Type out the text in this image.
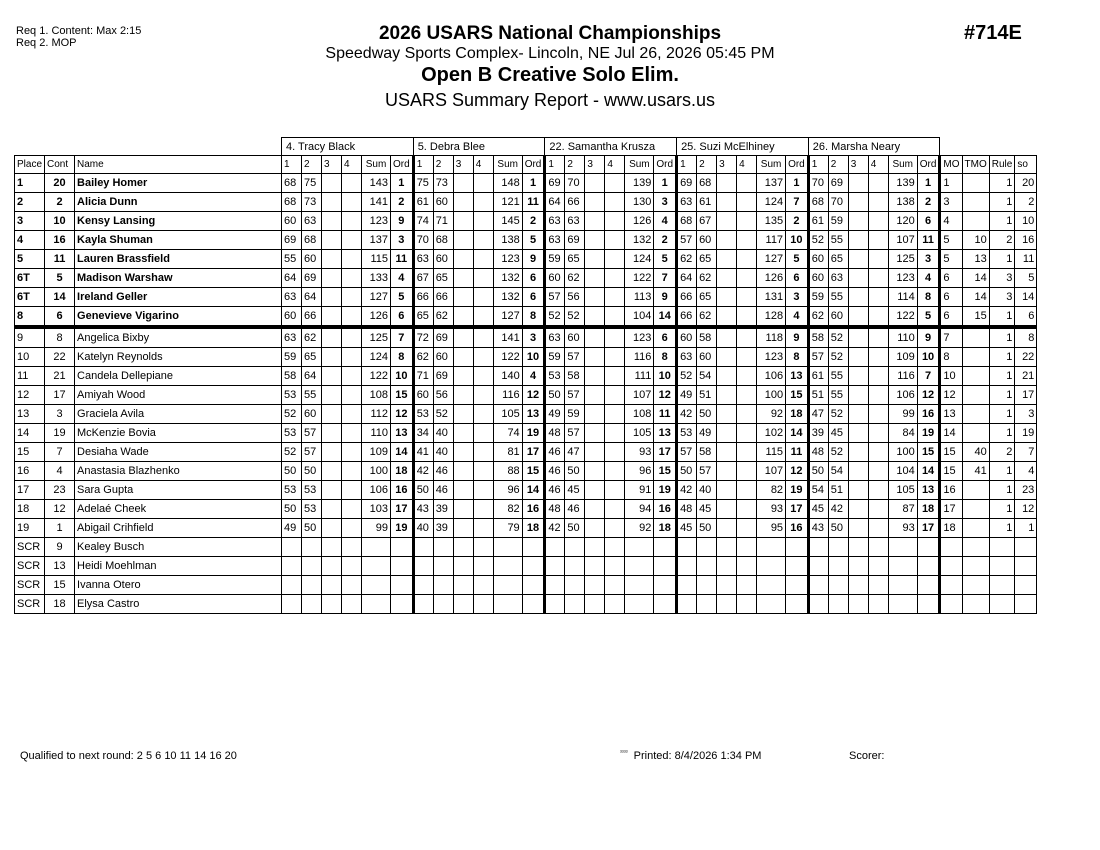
Req 1. Content: Max 2:15
Req 2. MOP	#714E
2026 USARS National Championships
Speedway Sports Complex- Lincoln, NE Jul 26, 2026 05:45 PM
Open B Creative Solo Elim.
USARS Summary Report - www.usars.us
			4. Tracy Black						5. Debra Blee						22. Samantha Krusza						25. Suzi McElhiney						26. Marsha Neary									
Place	Cont	Name	1	2	3	4	Sum	Ord	1	2	3	4	Sum	Ord	1	2	3	4	Sum	Ord	1	2	3	4	Sum	Ord	1	2	3	4	Sum	Ord	MO	TMO	Rule	so
1	20	Bailey Homer	68	75			143	1	75	73			148	1	69	70			139	1	69	68			137	1	70	69			139	1	1		1	20
2	2	Alicia Dunn	68	73			141	2	61	60			121	11	64	66			130	3	63	61			124	7	68	70			138	2	3		1	2
3	10	Kensy Lansing	60	63			123	9	74	71			145	2	63	63			126	4	68	67			135	2	61	59			120	6	4		1	10
4	16	Kayla Shuman	69	68			137	3	70	68			138	5	63	69			132	2	57	60			117	10	52	55			107	11	5	10	2	16
5	11	Lauren Brassfield	55	60			115	11	63	60			123	9	59	65			124	5	62	65			127	5	60	65			125	3	5	13	1	11
6T	5	Madison Warshaw	64	69			133	4	67	65			132	6	60	62			122	7	64	62			126	6	60	63			123	4	6	14	3	5
6T	14	Ireland Geller	63	64			127	5	66	66			132	6	57	56			113	9	66	65			131	3	59	55			114	8	6	14	3	14
8	6	Genevieve Vigarino	60	66			126	6	65	62			127	8	52	52			104	14	66	62			128	4	62	60			122	5	6	15	1	6
9	8	Angelica Bixby	63	62			125	7	72	69			141	3	63	60			123	6	60	58			118	9	58	52			110	9	7		1	8
10	22	Katelyn Reynolds	59	65			124	8	62	60			122	10	59	57			116	8	63	60			123	8	57	52			109	10	8		1	22
11	21	Candela Dellepiane	58	64			122	10	71	69			140	4	53	58			111	10	52	54			106	13	61	55			116	7	10		1	21
12	17	Amiyah Wood	53	55			108	15	60	56			116	12	50	57			107	12	49	51			100	15	51	55			106	12	12		1	17
13	3	Graciela Avila	52	60			112	12	53	52			105	13	49	59			108	11	42	50			92	18	47	52			99	16	13		1	3
14	19	McKenzie Bovia	53	57			110	13	34	40			74	19	48	57			105	13	53	49			102	14	39	45			84	19	14		1	19
15	7	Desiaha Wade	52	57			109	14	41	40			81	17	46	47			93	17	57	58			115	11	48	52			100	15	15	40	2	7
16	4	Anastasia Blazhenko	50	50			100	18	42	46			88	15	46	50			96	15	50	57			107	12	50	54			104	14	15	41	1	4
17	23	Sara Gupta	53	53			106	16	50	46			96	14	46	45			91	19	42	40			82	19	54	51			105	13	16		1	23
18	12	Adelaé Cheek	50	53			103	17	43	39			82	16	48	46			94	16	48	45			93	17	45	42			87	18	17		1	12
19	1	Abigail Crihfield	49	50			99	19	40	39			79	18	42	50			92	18	45	50			95	16	43	50			93	17	18		1	1
SCR	9	Kealey Busch																																		
SCR	13	Heidi Moehlman																																		
SCR	15	Ivanna Otero																																		
SCR	18	Elysa Castro																																		
Qualified to next round: 2 5 6 10 11 14 16 20	$^{ᶟᶟᶟᶟ}$ Printed: 8/4/2026 1:34 PM	Scorer:
